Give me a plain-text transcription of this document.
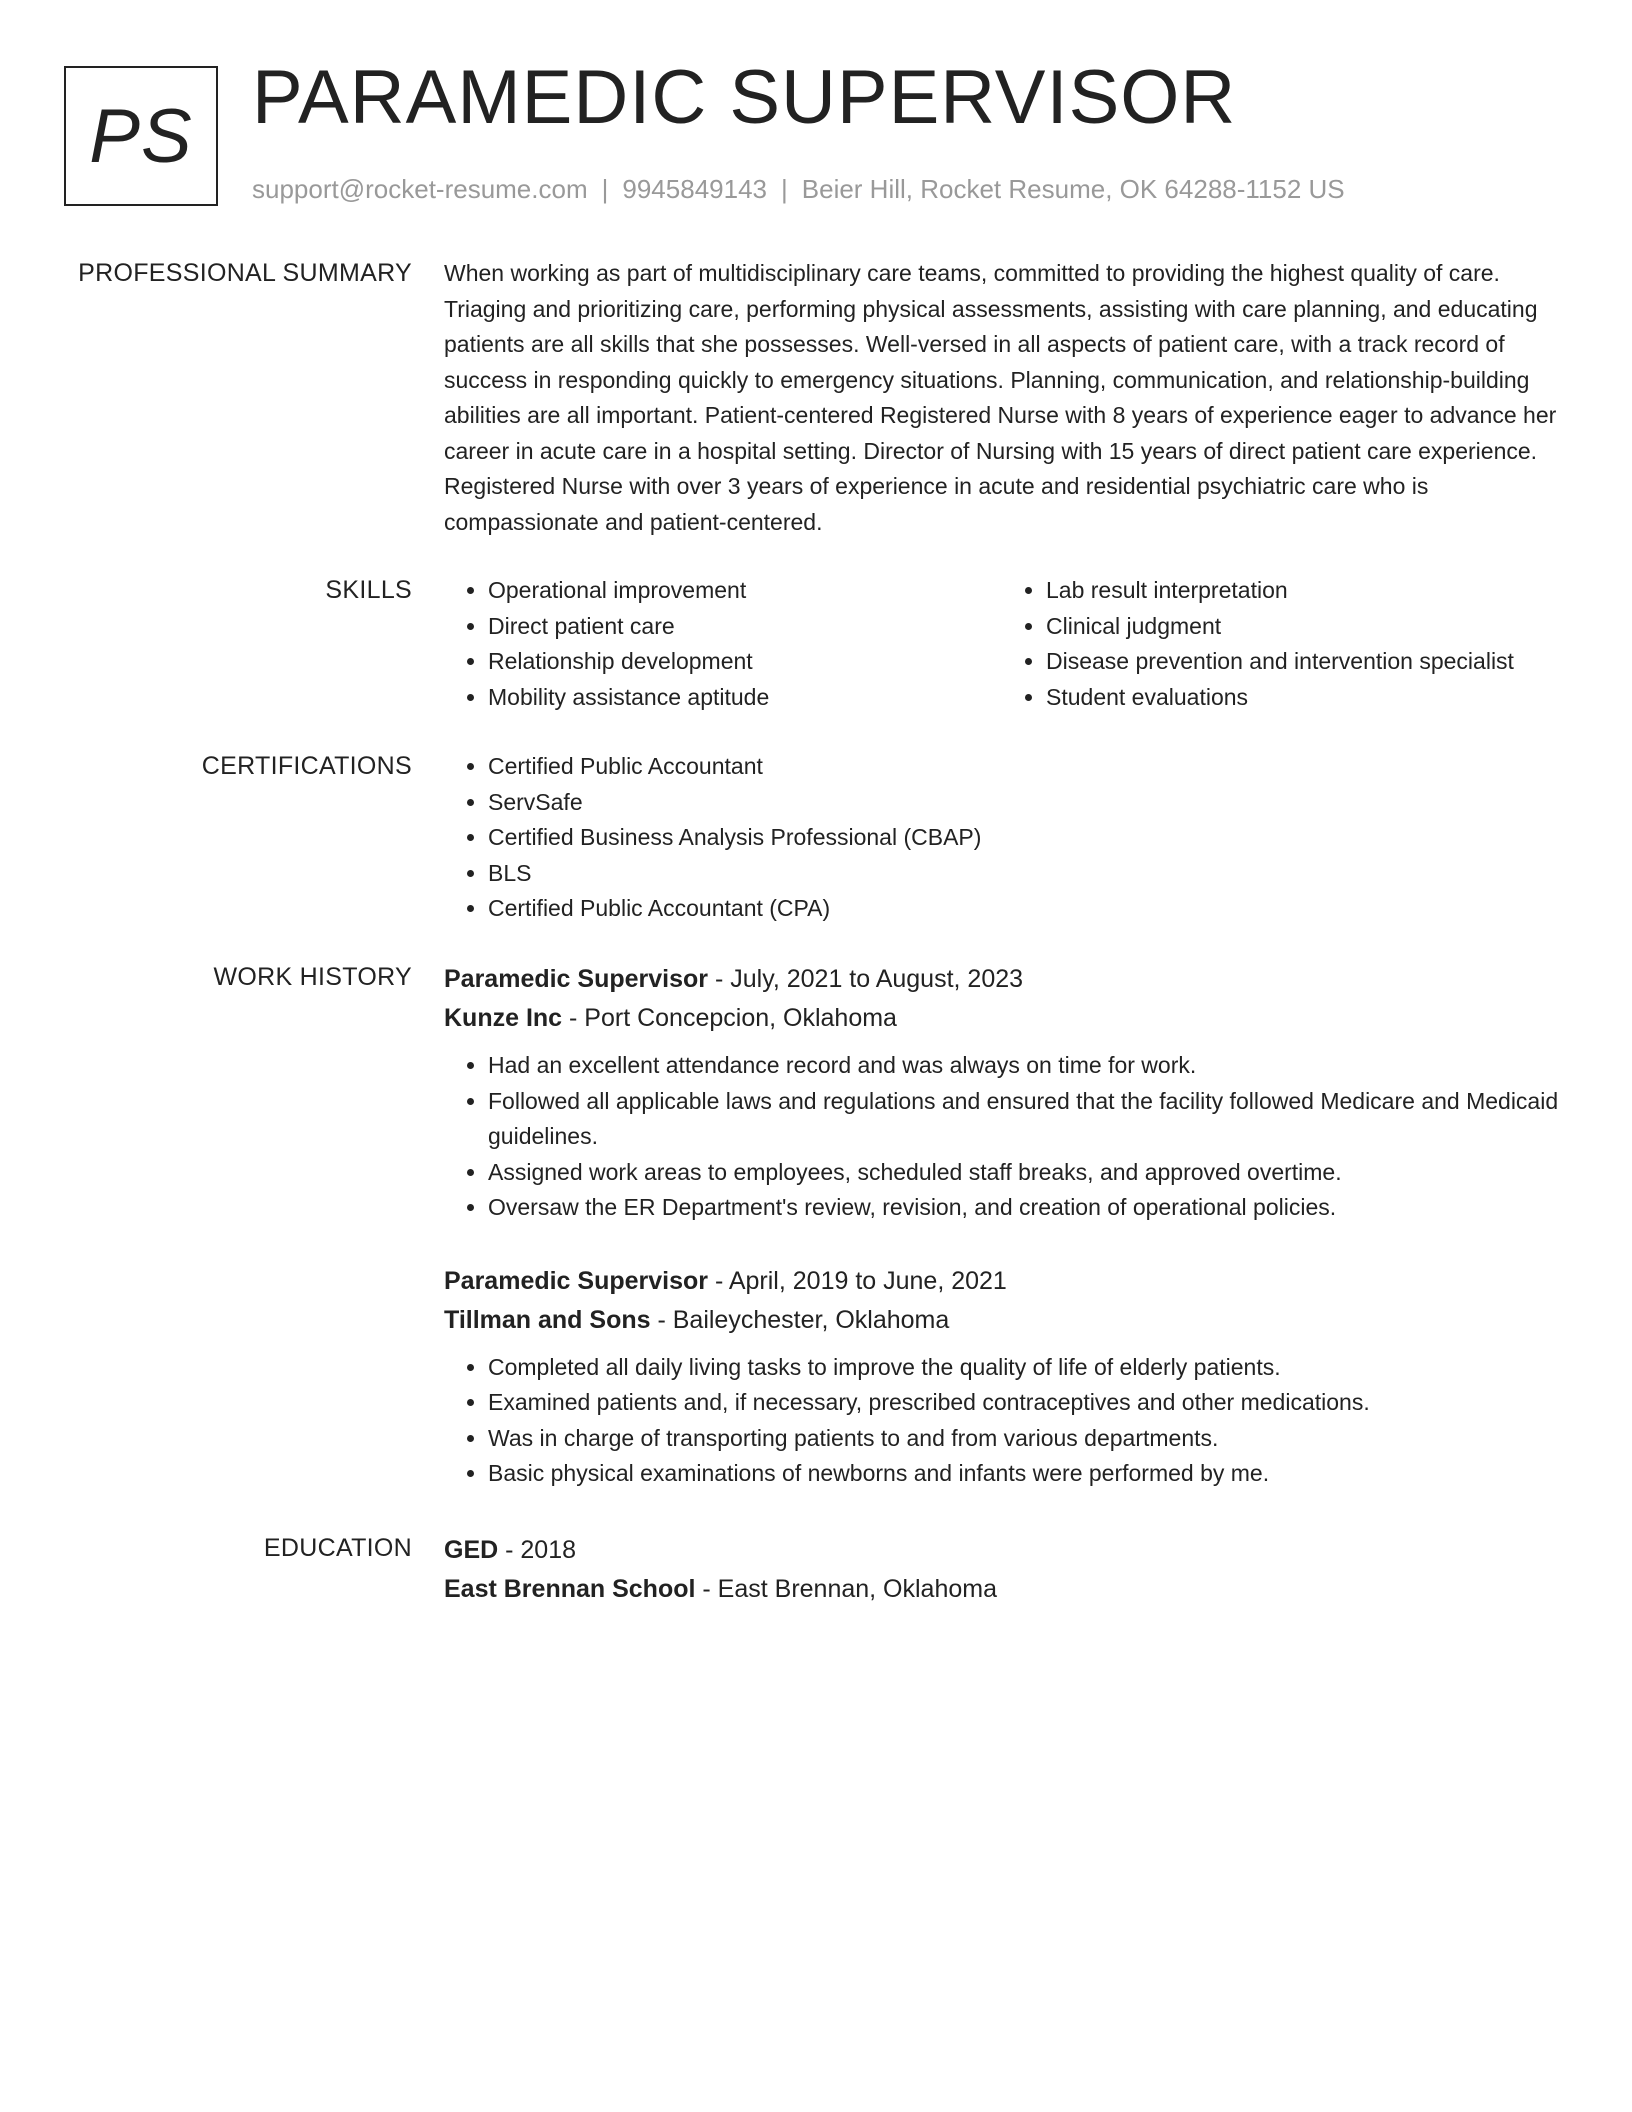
PS PARAMEDIC SUPERVISOR
support@rocket-resume.com | 9945849143 | Beier Hill, Rocket Resume, OK 64288-1152 US
PROFESSIONAL SUMMARY When working as part of multidisciplinary care teams, committed to providing the highest quality of care. Triaging and prioritizing care, performing physical assessments, assisting with care planning, and educating patients are all skills that she possesses. Well-versed in all aspects of patient care, with a track record of success in responding quickly to emergency situations. Planning, communication, and relationship-building abilities are all important. Patient-centered Registered Nurse with 8 years of experience eager to advance her career in acute care in a hospital setting. Director of Nursing with 15 years of direct patient care experience. Registered Nurse with over 3 years of experience in acute and residential psychiatric care who is compassionate and patient-centered.
SKILLS	• Operational improvement
• Direct patient care
• Relationship development
• Mobility assistance aptitude
• Lab result interpretation
• Clinical judgment
• Disease prevention and intervention specialist
• Student evaluations
CERTIFICATIONS	• Certified Public Accountant
• ServSafe
• Certified Business Analysis Professional (CBAP)
• BLS
• Certified Public Accountant (CPA)
WORK HISTORY Paramedic Supervisor - July, 2021 to August, 2023
Kunze Inc - Port Concepcion, Oklahoma
• Had an excellent attendance record and was always on time for work.
• Followed all applicable laws and regulations and ensured that the facility followed Medicare and Medicaid guidelines.
• Assigned work areas to employees, scheduled staff breaks, and approved overtime.
• Oversaw the ER Department's review, revision, and creation of operational policies.
Paramedic Supervisor - April, 2019 to June, 2021
Tillman and Sons - Baileychester, Oklahoma
• Completed all daily living tasks to improve the quality of life of elderly patients.
• Examined patients and, if necessary, prescribed contraceptives and other medications.
• Was in charge of transporting patients to and from various departments.
• Basic physical examinations of newborns and infants were performed by me.
EDUCATION GED - 2018
East Brennan School - East Brennan, Oklahoma
